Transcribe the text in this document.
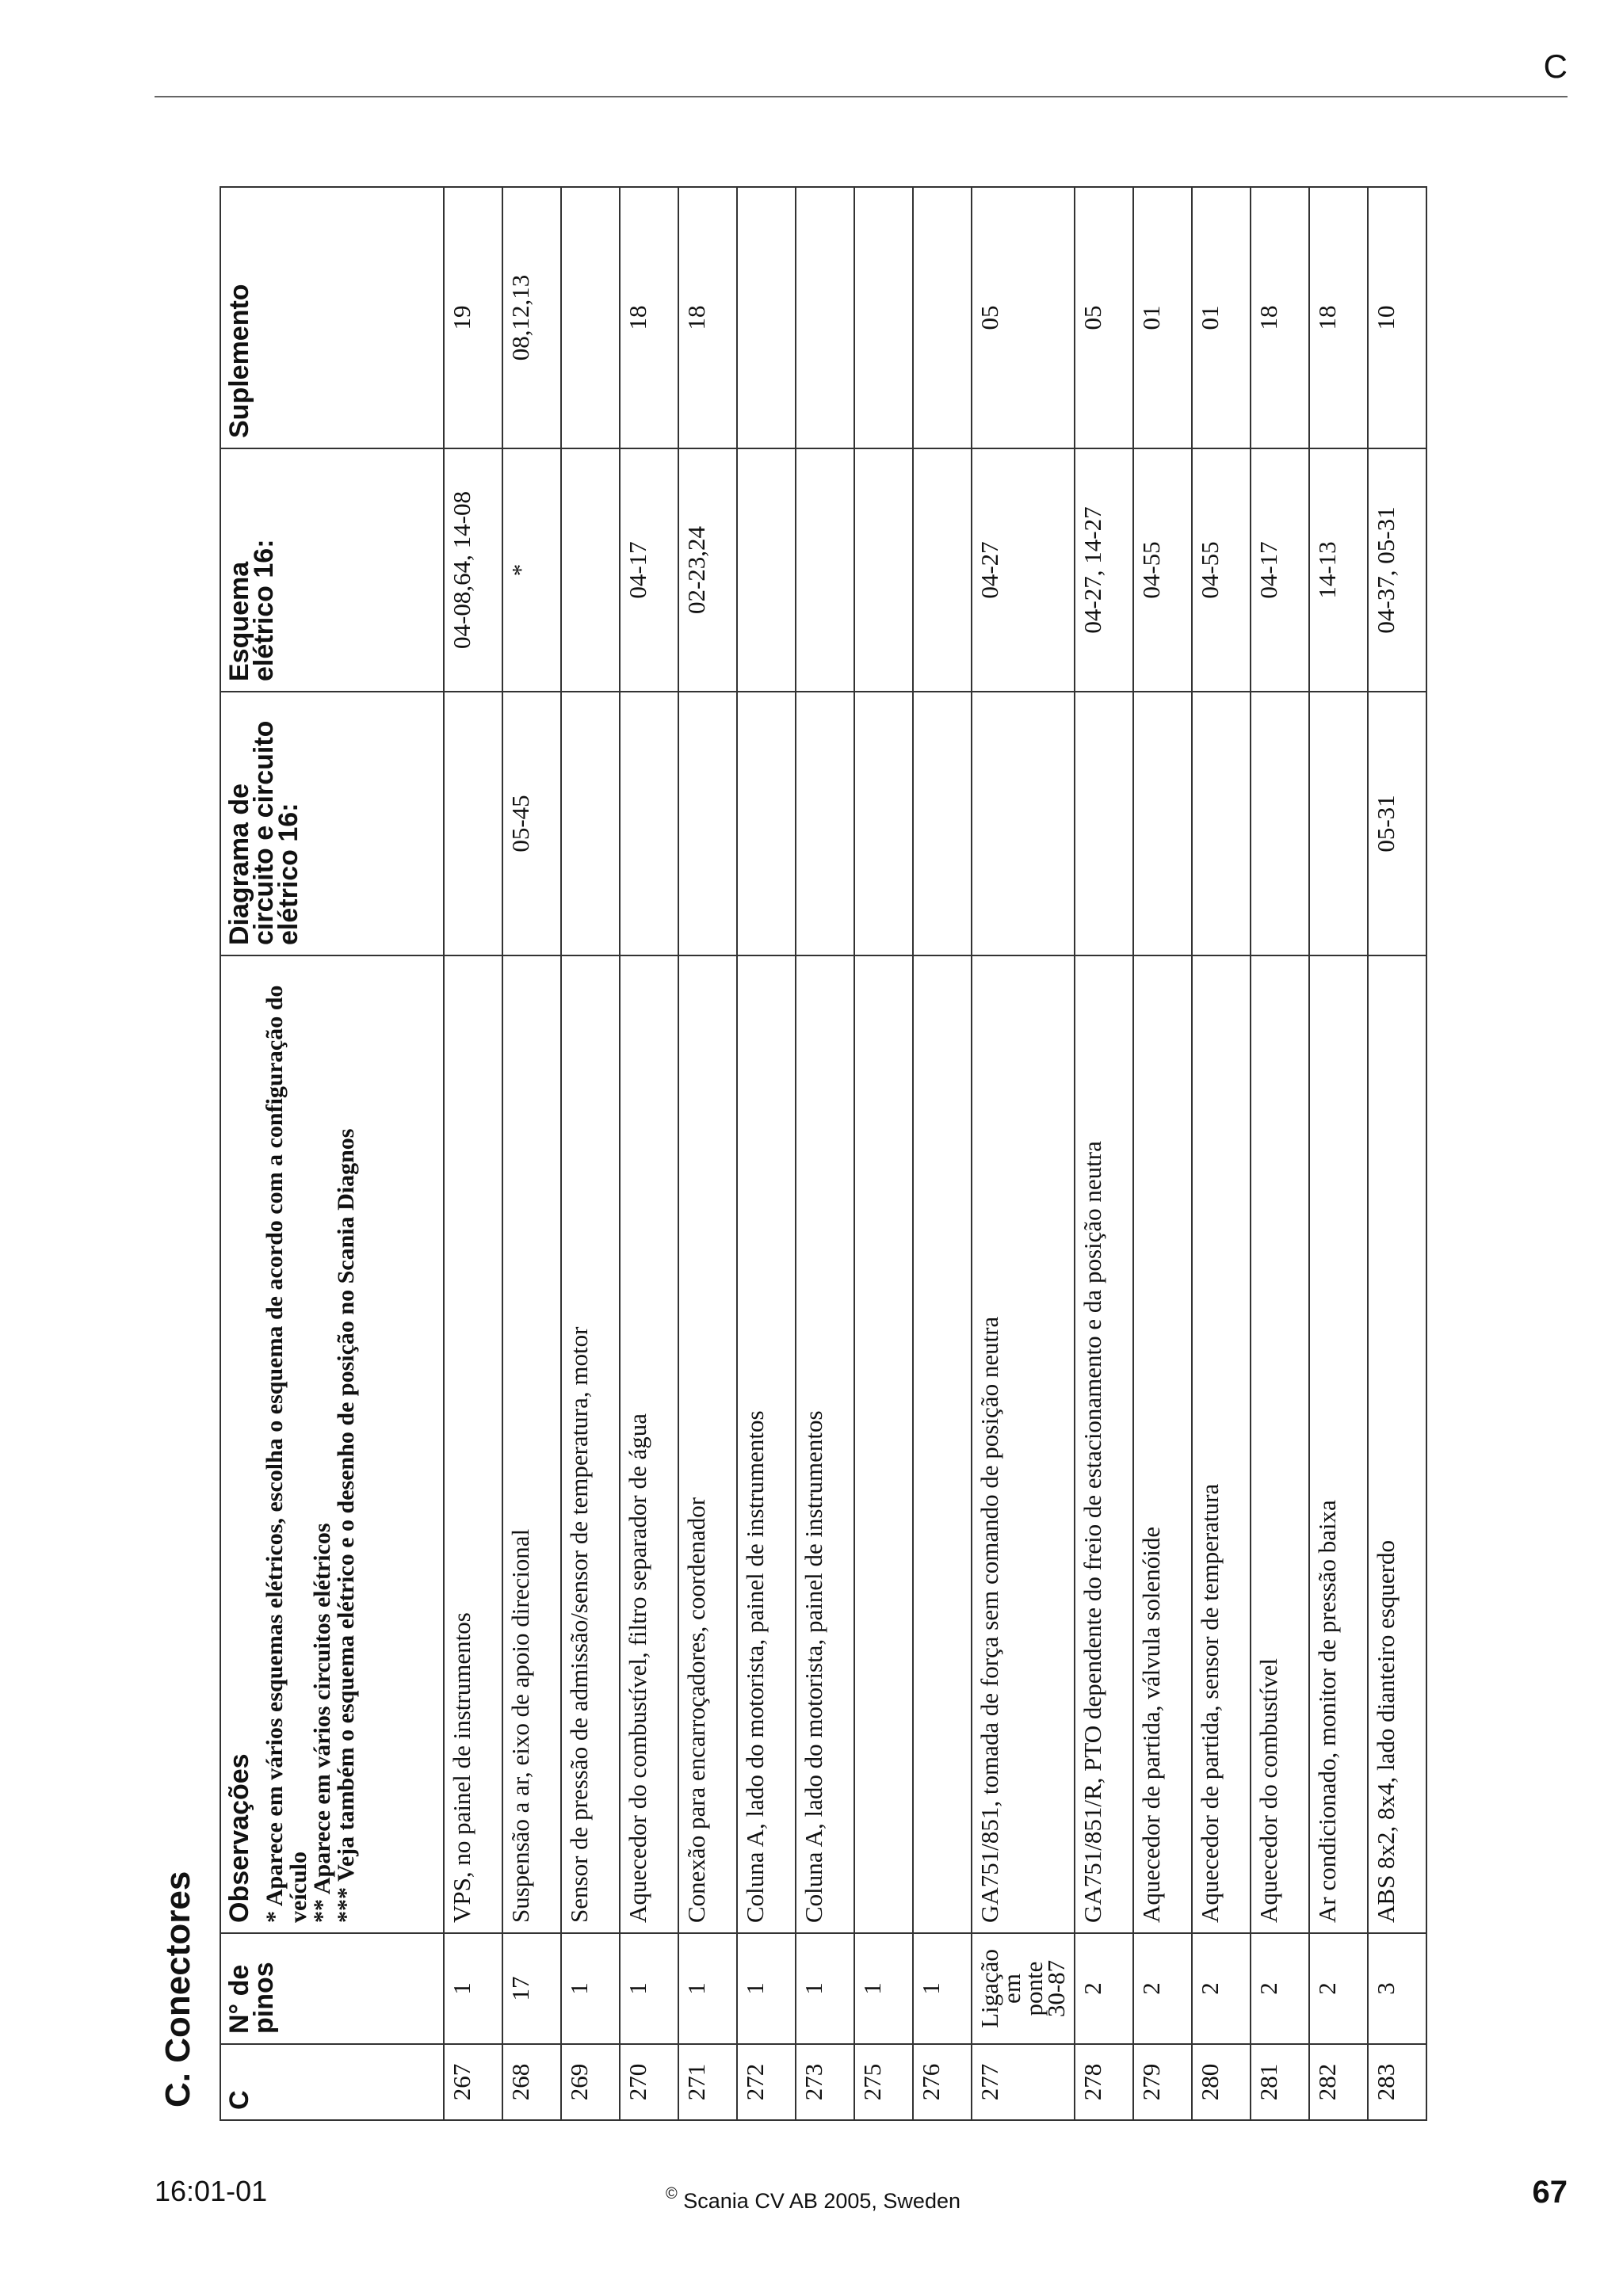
C
C. Conectores C	N° de pinos	Observações * Aparece em vários esquemas elétricos, escolha o esquema de acordo com a configuração do veículo
** Aparece em vários circuitos elétricos
*** Veja também o esquema elétrico e o desenho de posição no Scania Diagnos	Diagrama de circuito e circuito elétrico 16:	Esquema elétrico 16:	Suplemento
267	1	VPS, no painel de instrumentos		04-08,64, 14-08	19
268	17	Suspensão a ar, eixo de apoio direcional	05-45	*	08,12,13
269	1	Sensor de pressão de admissão/sensor de temperatura, motor			
270	1	Aquecedor do combustível, filtro separador de água		04-17	18
271	1	Conexão para encarroçadores, coordenador		02-23,24	18
272	1	Coluna A, lado do motorista, painel de instrumentos			
273	1	Coluna A, lado do motorista, painel de instrumentos			
275	1				
276	1				
277	Ligação em ponte 30-87	GA751/851, tomada de força sem comando de posição neutra		04-27	05
278	2	GA751/851/R, PTO dependente do freio de estacionamento e da posição neutra		04-27, 14-27	05
279	2	Aquecedor de partida, válvula solenóide		04-55	01
280	2	Aquecedor de partida, sensor de temperatura		04-55	01
281	2	Aquecedor do combustível		04-17	18
282	2	Ar condicionado, monitor de pressão baixa		14-13	18
283	3	ABS 8x2, 8x4, lado dianteiro esquerdo	05-31	04-37, 05-31	10
16:01-01	© Scania CV AB 2005, Sweden	67
